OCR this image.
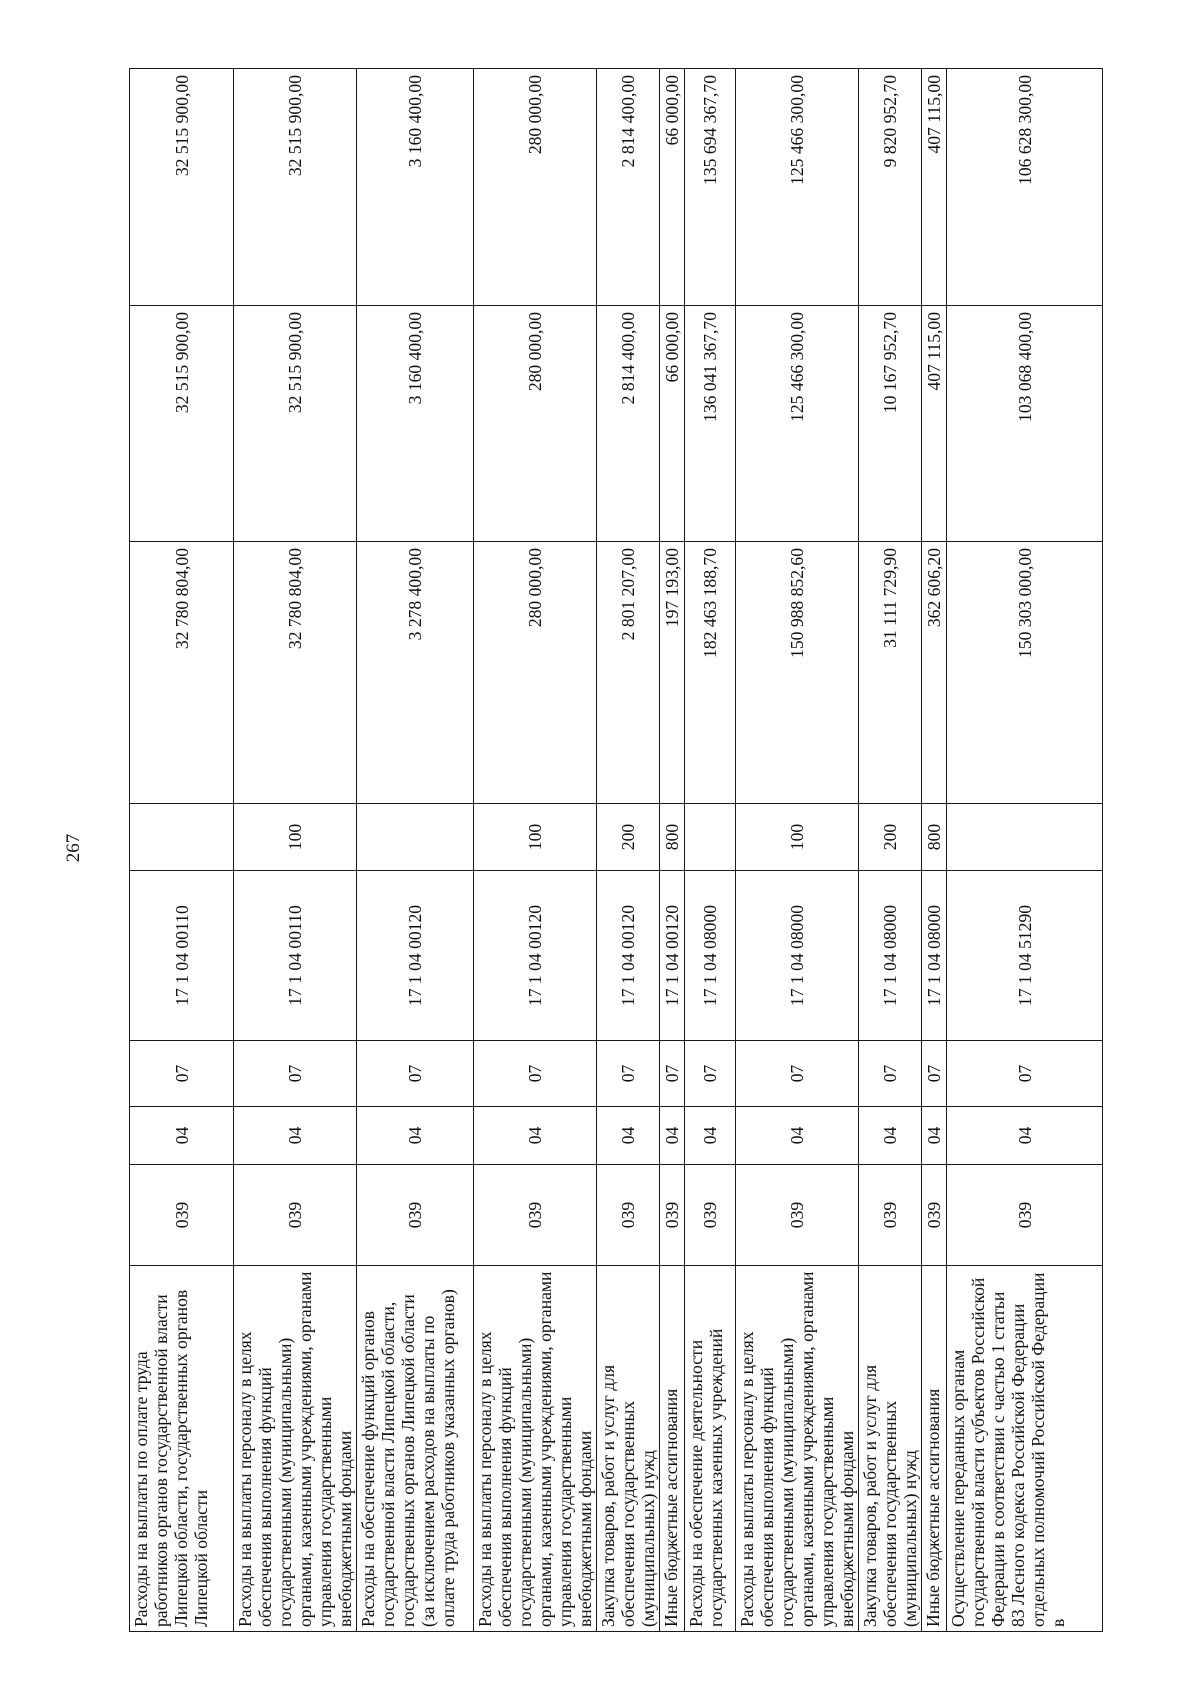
267
Расходы на выплаты по оплате труда работников органов государственной власти Липецкой области, государственных органов Липецкой области	039	04	07	17 1 04 00110		32 780 804,00	32 515 900,00	32 515 900,00
Расходы на выплаты персоналу в целях обеспечения выполнения функций государственными (муниципальными) органами, казенными учреждениями, органами управления государственными внебюджетными фондами	039	04	07	17 1 04 00110	100	32 780 804,00	32 515 900,00	32 515 900,00
Расходы на обеспечение функций органов государственной власти Липецкой области, государственных органов Липецкой области (за исключением расходов на выплаты по оплате труда работников указанных органов)	039	04	07	17 1 04 00120		3 278 400,00	3 160 400,00	3 160 400,00
Расходы на выплаты персоналу в целях обеспечения выполнения функций государственными (муниципальными) органами, казенными учреждениями, органами управления государственными внебюджетными фондами	039	04	07	17 1 04 00120	100	280 000,00	280 000,00	280 000,00
Закупка товаров, работ и услуг для обеспечения государственных (муниципальных) нужд	039	04	07	17 1 04 00120	200	2 801 207,00	2 814 400,00	2 814 400,00
Иные бюджетные ассигнования	039	04	07	17 1 04 00120	800	197 193,00	66 000,00	66 000,00
Расходы на обеспечение деятельности государственных казенных учреждений	039	04	07	17 1 04 08000		182 463 188,70	136 041 367,70	135 694 367,70
Расходы на выплаты персоналу в целях обеспечения выполнения функций государственными (муниципальными) органами, казенными учреждениями, органами управления государственными внебюджетными фондами	039	04	07	17 1 04 08000	100	150 988 852,60	125 466 300,00	125 466 300,00
Закупка товаров, работ и услуг для обеспечения государственных (муниципальных) нужд	039	04	07	17 1 04 08000	200	31 111 729,90	10 167 952,70	9 820 952,70
Иные бюджетные ассигнования	039	04	07	17 1 04 08000	800	362 606,20	407 115,00	407 115,00
Осуществление переданных органам государственной власти субъектов Российской Федерации в соответствии с частью 1 статьи 83 Лесного кодекса Российской Федерации отдельных полномочий Российской Федерации в	039	04	07	17 1 04 51290		150 303 000,00	103 068 400,00	106 628 300,00
